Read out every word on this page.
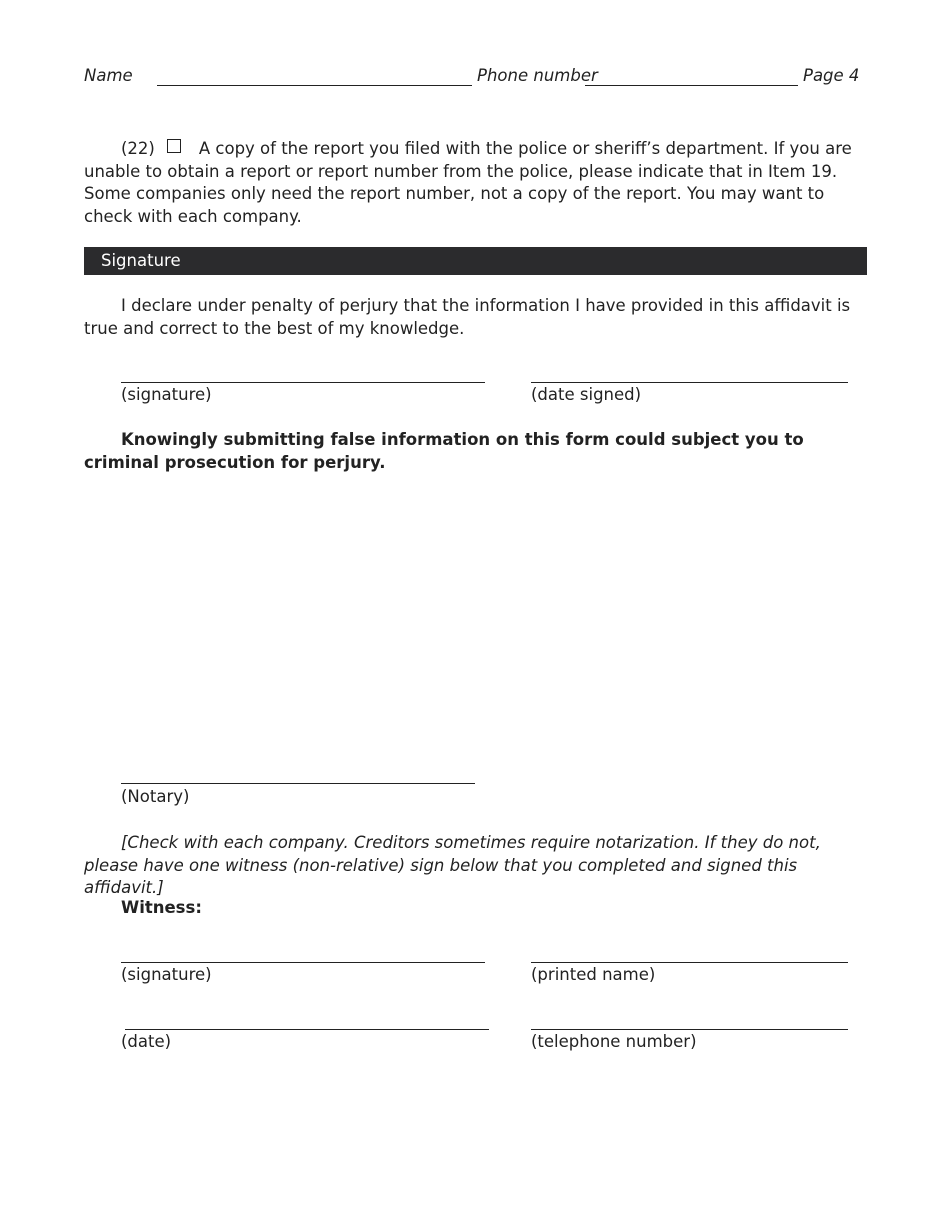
Name	Phone number	Page 4
(22)	A copy of the report you filed with the police or sheriff’s department. If you are unable to obtain a report or report number from the police, please indicate that in Item 19. Some companies only need the report number, not a copy of the report. You may want to check with each company.
Signature
I declare under penalty of perjury that the information I have provided in this affidavit is true and correct to the best of my knowledge.
(signature)	(date signed)
Knowingly submitting false information on this form could subject you to criminal prosecution for perjury.
(Notary)
[Check with each company. Creditors sometimes require notarization. If they do not, please have one witness (non-relative) sign below that you completed and signed this affidavit.]
Witness:
(signature)	(printed name)
(date)	(telephone number)
